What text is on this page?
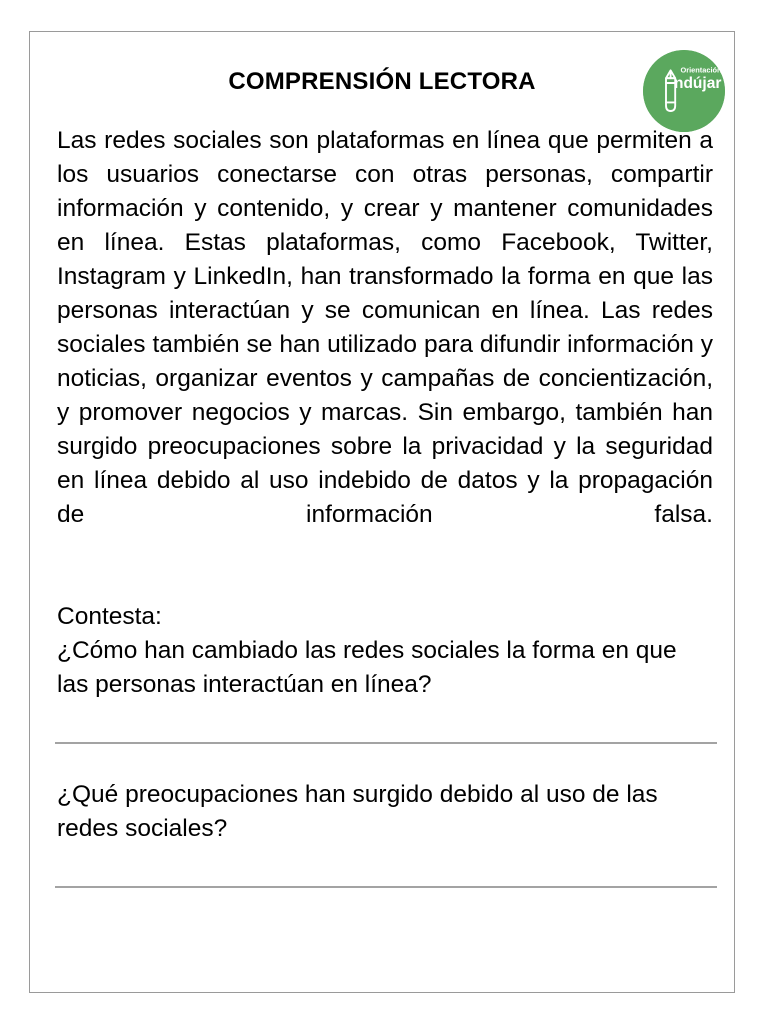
COMPRENSIÓN LECTORA	Orientación
ndújar

Las redes sociales son plataformas en línea que permiten a los usuarios conectarse con otras personas, compartir información y contenido, y crear y mantener comunidades en línea. Estas plataformas, como Facebook, Twitter, Instagram y LinkedIn, han transformado la forma en que las personas interactúan y se comunican en línea. Las redes sociales también se han utilizado para difundir información y noticias, organizar eventos y campañas de concientización, y promover negocios y marcas. Sin embargo, también han surgido preocupaciones sobre la privacidad y la seguridad en línea debido al uso indebido de datos y la propagación de información falsa.

Contesta:

¿Cómo han cambiado las redes sociales la forma en que las personas interactúan en línea?

¿Qué preocupaciones han surgido debido al uso de las redes sociales?
